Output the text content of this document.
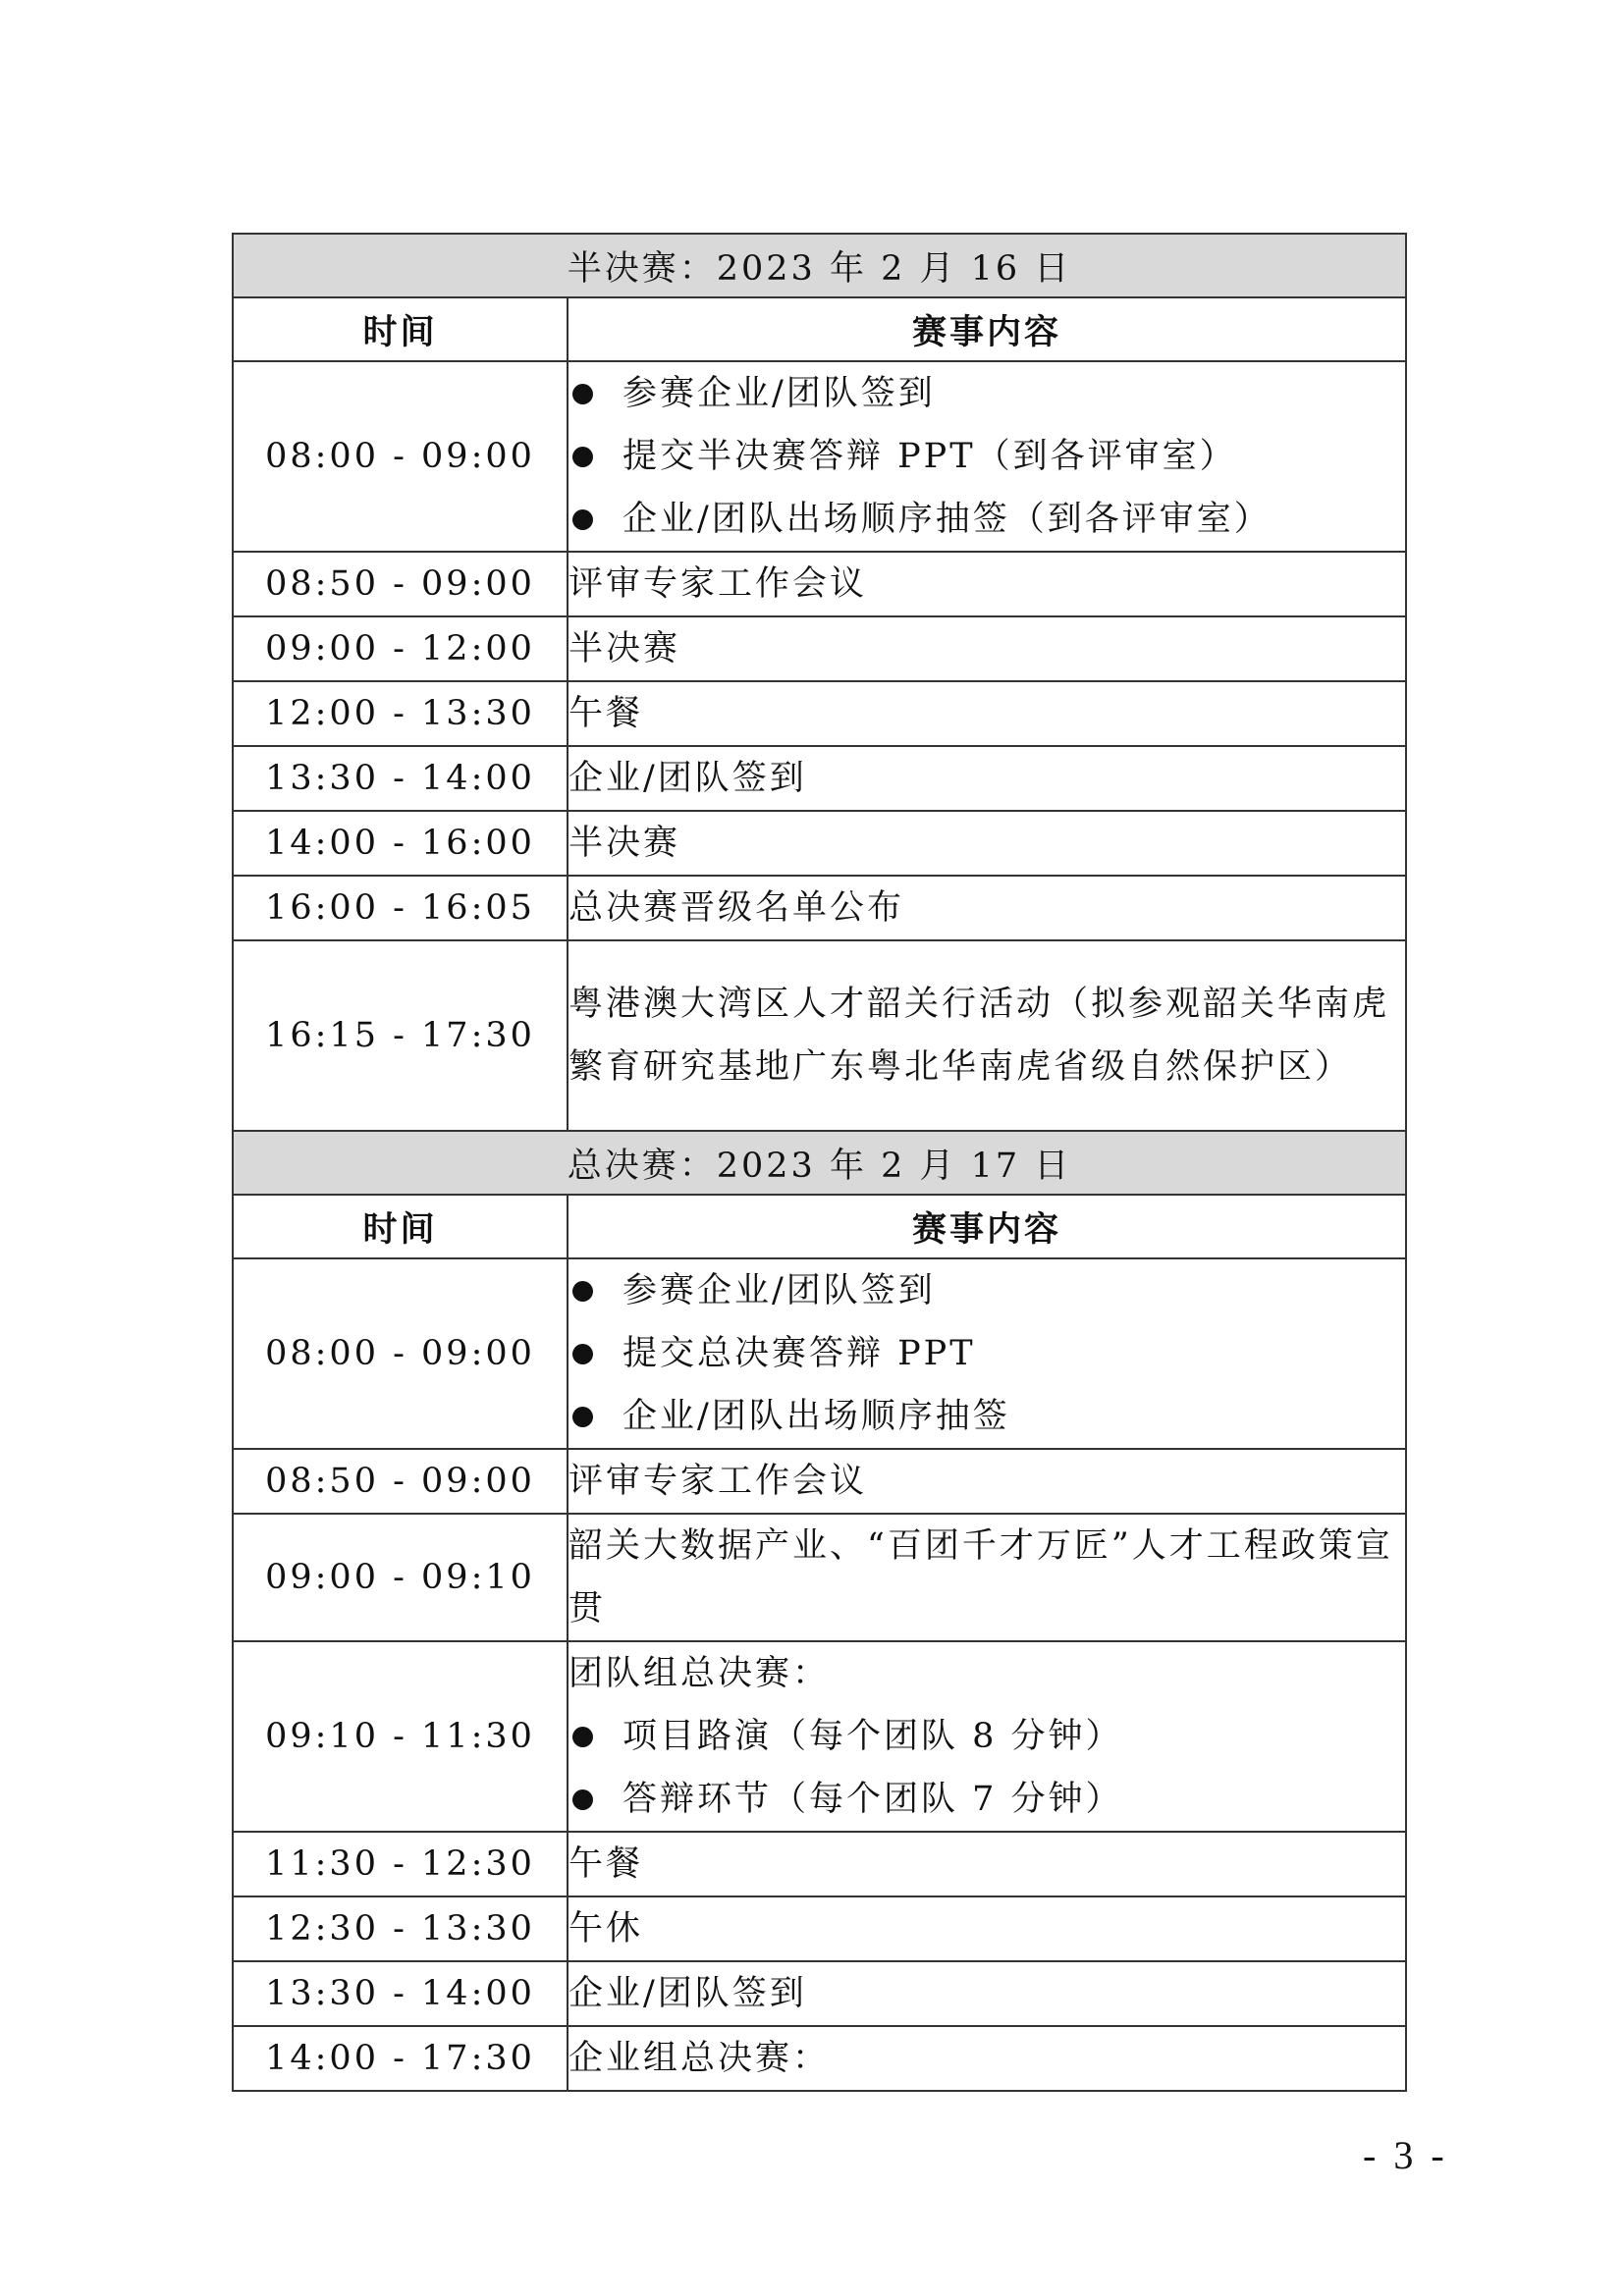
半决赛：2023 年 2 月 16 日	
时间	赛事内容
08:00 - 09:00	参赛企业/团队签到
提交半决赛答辩 PPT（到各评审室）
企业/团队出场顺序抽签（到各评审室）

08:50 - 09:00	评审专家工作会议
09:00 - 12:00	半决赛
12:00 - 13:30	午餐
13:30 - 14:00	企业/团队签到
14:00 - 16:00	半决赛
16:00 - 16:05	总决赛晋级名单公布
16:15 - 17:30	粤港澳大湾区人才韶关行活动（拟参观韶关华南虎繁育研究基地广东粤北华南虎省级自然保护区）
总决赛：2023 年 2 月 17 日	
时间	赛事内容
08:00 - 09:00	参赛企业/团队签到
提交总决赛答辩 PPT
企业/团队出场顺序抽签

08:50 - 09:00	评审专家工作会议
09:00 - 09:10	韶关大数据产业、“百团千才万匠”人才工程政策宣贯
09:10 - 11:30	团队组总决赛：
项目路演（每个团队 8 分钟）
答辩环节（每个团队 7 分钟）

11:30 - 12:30	午餐
12:30 - 13:30	午休
13:30 - 14:00	企业/团队签到
14:00 - 17:30	企业组总决赛：
- 3 -
